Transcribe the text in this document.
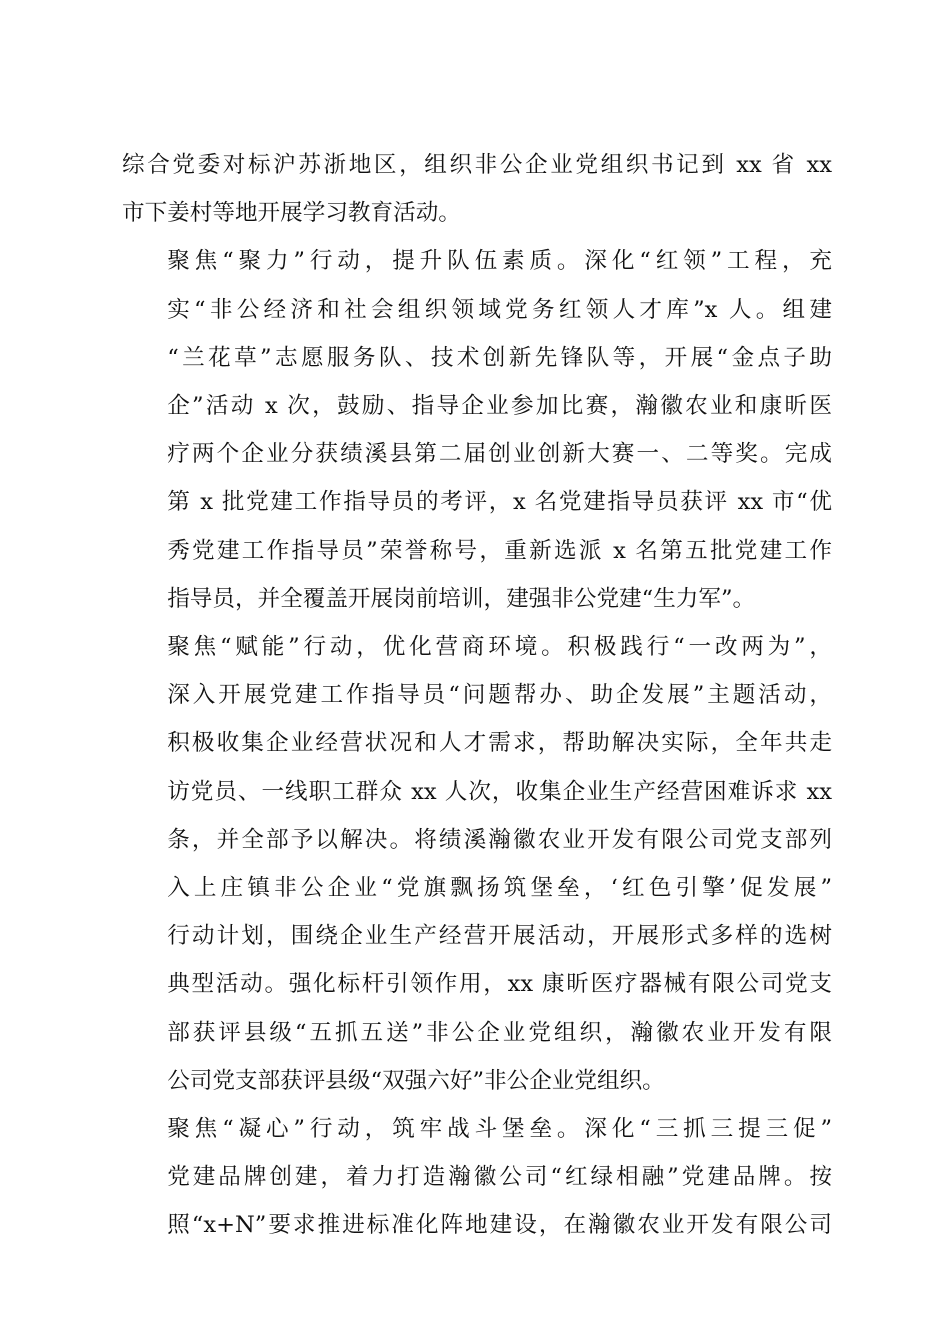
综合党委对标沪苏浙地区，组织非公企业党组织书记到 xx 省 xx
市下姜村等地开展学习教育活动。

聚焦“聚力”行动，提升队伍素质。深化“红领”工程，充
实“非公经济和社会组织领域党务红领人才库”x 人。组建
“兰花草”志愿服务队、技术创新先锋队等，开展“金点子助
企”活动 x 次，鼓励、指导企业参加比赛，瀚徽农业和康昕医
疗两个企业分获绩溪县第二届创业创新大赛一、二等奖。完成
第 x 批党建工作指导员的考评，x 名党建指导员获评 xx 市“优
秀党建工作指导员”荣誉称号，重新选派 x 名第五批党建工作
指导员，并全覆盖开展岗前培训，建强非公党建“生力军”。

聚焦“赋能”行动，优化营商环境。积极践行“一改两为”，
深入开展党建工作指导员“问题帮办、助企发展”主题活动，
积极收集企业经营状况和人才需求，帮助解决实际，全年共走
访党员、一线职工群众 xx 人次，收集企业生产经营困难诉求 xx
条，并全部予以解决。将绩溪瀚徽农业开发有限公司党支部列
入上庄镇非公企业“党旗飘扬筑堡垒，‘红色引擎’促发展”
行动计划，围绕企业生产经营开展活动，开展形式多样的选树
典型活动。强化标杆引领作用，xx 康昕医疗器械有限公司党支
部获评县级“五抓五送”非公企业党组织，瀚徽农业开发有限
公司党支部获评县级“双强六好”非公企业党组织。

聚焦“凝心”行动，筑牢战斗堡垒。深化“三抓三提三促”
党建品牌创建，着力打造瀚徽公司“红绿相融”党建品牌。按
照“x+N”要求推进标准化阵地建设，在瀚徽农业开发有限公司
